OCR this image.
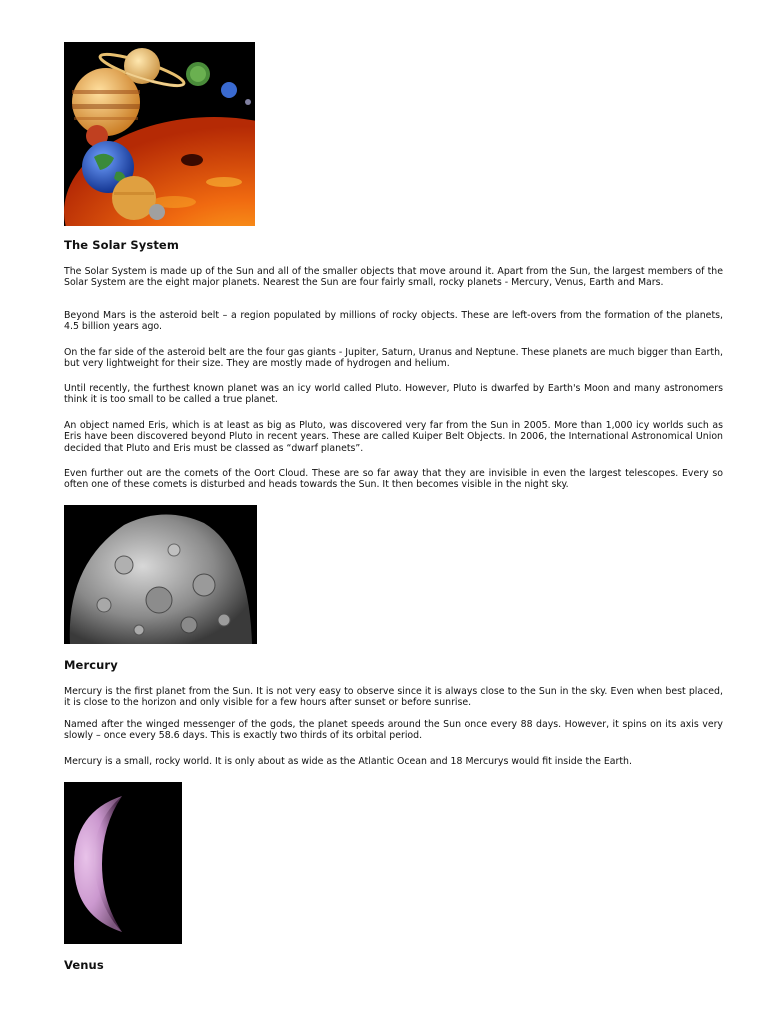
The Solar System

The Solar System is made up of the Sun and all of the smaller objects that move around it. Apart from the Sun, the largest members of the Solar System are the eight major planets. Nearest the Sun are four fairly small, rocky planets - Mercury, Venus, Earth and Mars.

Beyond Mars is the asteroid belt – a region populated by millions of rocky objects. These are left-overs from the formation of the planets, 4.5 billion years ago.

On the far side of the asteroid belt are the four gas giants - Jupiter, Saturn, Uranus and Neptune. These planets are much bigger than Earth, but very lightweight for their size. They are mostly made of hydrogen and helium.

Until recently, the furthest known planet was an icy world called Pluto. However, Pluto is dwarfed by Earth's Moon and many astronomers think it is too small to be called a true planet.

An object named Eris, which is at least as big as Pluto, was discovered very far from the Sun in 2005. More than 1,000 icy worlds such as Eris have been discovered beyond Pluto in recent years. These are called Kuiper Belt Objects. In 2006, the International Astronomical Union decided that Pluto and Eris must be classed as “dwarf planets”.

Even further out are the comets of the Oort Cloud. These are so far away that they are invisible in even the largest telescopes. Every so often one of these comets is disturbed and heads towards the Sun. It then becomes visible in the night sky.

Mercury

Mercury is the first planet from the Sun. It is not very easy to observe since it is always close to the Sun in the sky. Even when best placed, it is close to the horizon and only visible for a few hours after sunset or before sunrise.

Named after the winged messenger of the gods, the planet speeds around the Sun once every 88 days. However, it spins on its axis very slowly – once every 58.6 days. This is exactly two thirds of its orbital period.

Mercury is a small, rocky world. It is only about as wide as the Atlantic Ocean and 18 Mercurys would fit inside the Earth.

Venus
